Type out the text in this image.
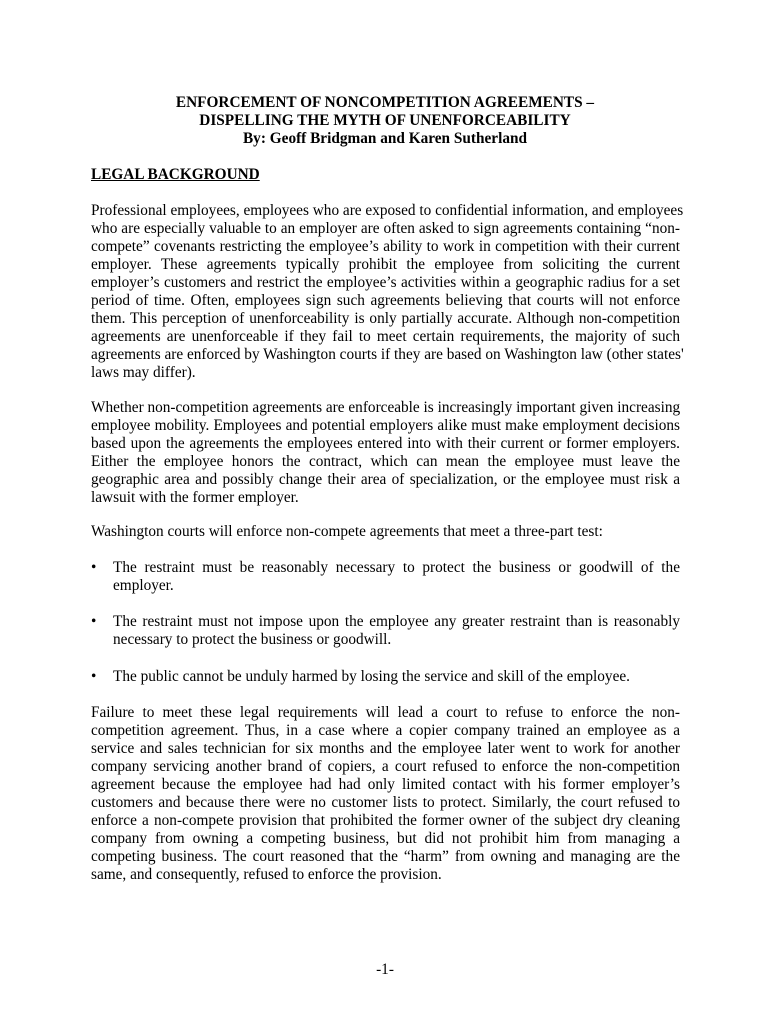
ENFORCEMENT OF NONCOMPETITION AGREEMENTS –
DISPELLING THE MYTH OF UNENFORCEABILITY
By: Geoff Bridgman and Karen Sutherland
LEGAL BACKGROUND
Professional employees, employees who are exposed to confidential information, and employees
who are especially valuable to an employer are often asked to sign agreements containing “non-
compete” covenants restricting the employee’s ability to work in competition with their current
employer. These agreements typically prohibit the employee from soliciting the current
employer’s customers and restrict the employee’s activities within a geographic radius for a set
period of time. Often, employees sign such agreements believing that courts will not enforce
them. This perception of unenforceability is only partially accurate. Although non-competition
agreements are unenforceable if they fail to meet certain requirements, the majority of such
agreements are enforced by Washington courts if they are based on Washington law (other states'
laws may differ).
Whether non-competition agreements are enforceable is increasingly important given increasing
employee mobility. Employees and potential employers alike must make employment decisions
based upon the agreements the employees entered into with their current or former employers.
Either the employee honors the contract, which can mean the employee must leave the
geographic area and possibly change their area of specialization, or the employee must risk a
lawsuit with the former employer.
Washington courts will enforce non-compete agreements that meet a three-part test:
• The restraint must be reasonably necessary to protect the business or goodwill of the
employer.
• The restraint must not impose upon the employee any greater restraint than is reasonably
necessary to protect the business or goodwill.
• The public cannot be unduly harmed by losing the service and skill of the employee.
Failure to meet these legal requirements will lead a court to refuse to enforce the non-
competition agreement. Thus, in a case where a copier company trained an employee as a
service and sales technician for six months and the employee later went to work for another
company servicing another brand of copiers, a court refused to enforce the non-competition
agreement because the employee had had only limited contact with his former employer’s
customers and because there were no customer lists to protect. Similarly, the court refused to
enforce a non-compete provision that prohibited the former owner of the subject dry cleaning
company from owning a competing business, but did not prohibit him from managing a
competing business. The court reasoned that the “harm” from owning and managing are the
same, and consequently, refused to enforce the provision.
-1-
